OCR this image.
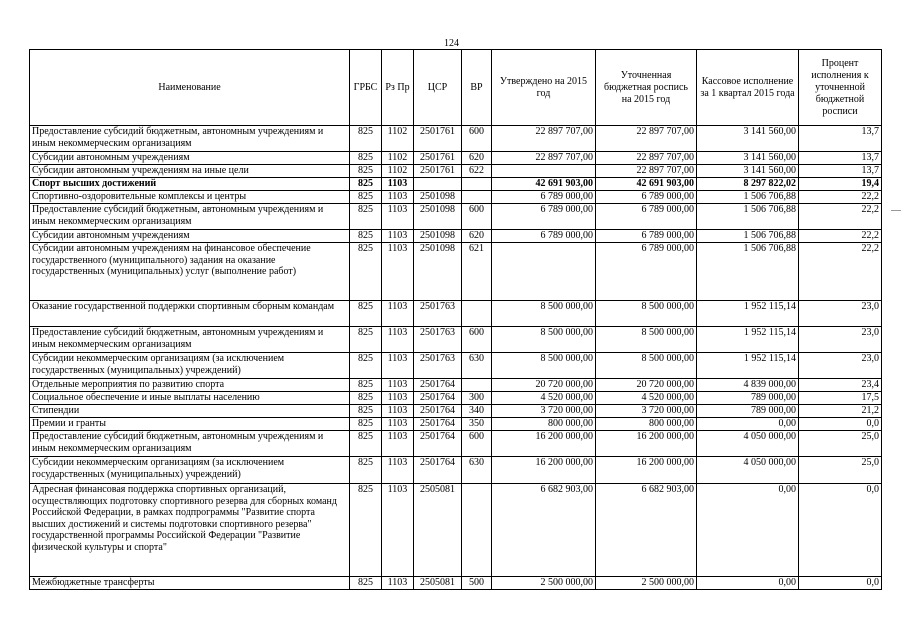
124
Наименование	ГРБС	Рз Пр	ЦСР	ВР	Утверждено на 2015 год	Уточненная бюджетная роспись на 2015 год	Кассовое исполнение за 1 квартал 2015 года	Процент исполнения к уточненной бюджетной росписи
Предоставление субсидий бюджетным, автономным учреждениям и иным некоммерческим организациям	825	1102	2501761	600	22 897 707,00	22 897 707,00	3 141 560,00	13,7
Субсидии автономным учреждениям	825	1102	2501761	620	22 897 707,00	22 897 707,00	3 141 560,00	13,7
Субсидии автономным учреждениям на иные цели	825	1102	2501761	622		22 897 707,00	3 141 560,00	13,7
Спорт высших достижений	825	1103			42 691 903,00	42 691 903,00	8 297 822,02	19,4
Спортивно-оздоровительные комплексы и центры	825	1103	2501098		6 789 000,00	6 789 000,00	1 506 706,88	22,2
Предоставление субсидий бюджетным, автономным учреждениям и иным некоммерческим организациям	825	1103	2501098	600	6 789 000,00	6 789 000,00	1 506 706,88	22,2
Субсидии автономным учреждениям	825	1103	2501098	620	6 789 000,00	6 789 000,00	1 506 706,88	22,2
Субсидии автономным учреждениям на финансовое обеспечение государственного (муниципального) задания на оказание государственных (муниципальных) услуг (выполнение работ)	825	1103	2501098	621		6 789 000,00	1 506 706,88	22,2
Оказание государственной поддержки спортивным сборным командам	825	1103	2501763		8 500 000,00	8 500 000,00	1 952 115,14	23,0
Предоставление субсидий бюджетным, автономным учреждениям и иным некоммерческим организациям	825	1103	2501763	600	8 500 000,00	8 500 000,00	1 952 115,14	23,0
Субсидии некоммерческим организациям (за исключением государственных (муниципальных) учреждений)	825	1103	2501763	630	8 500 000,00	8 500 000,00	1 952 115,14	23,0
Отдельные мероприятия по развитию спорта	825	1103	2501764		20 720 000,00	20 720 000,00	4 839 000,00	23,4
Социальное обеспечение и иные выплаты населению	825	1103	2501764	300	4 520 000,00	4 520 000,00	789 000,00	17,5
Стипендии	825	1103	2501764	340	3 720 000,00	3 720 000,00	789 000,00	21,2
Премии и гранты	825	1103	2501764	350	800 000,00	800 000,00	0,00	0,0
Предоставление субсидий бюджетным, автономным учреждениям и иным некоммерческим организациям	825	1103	2501764	600	16 200 000,00	16 200 000,00	4 050 000,00	25,0
Субсидии некоммерческим организациям (за исключением государственных (муниципальных) учреждений)	825	1103	2501764	630	16 200 000,00	16 200 000,00	4 050 000,00	25,0
Адресная финансовая поддержка спортивных организаций, осуществляющих подготовку спортивного резерва для сборных команд Российской Федерации, в рамках подпрограммы "Развитие спорта высших достижений и системы подготовки спортивного резерва" государственной программы Российской Федерации "Развитие физической культуры и спорта"	825	1103	2505081		6 682 903,00	6 682 903,00	0,00	0,0
Межбюджетные трансферты	825	1103	2505081	500	2 500 000,00	2 500 000,00	0,00	0,0
